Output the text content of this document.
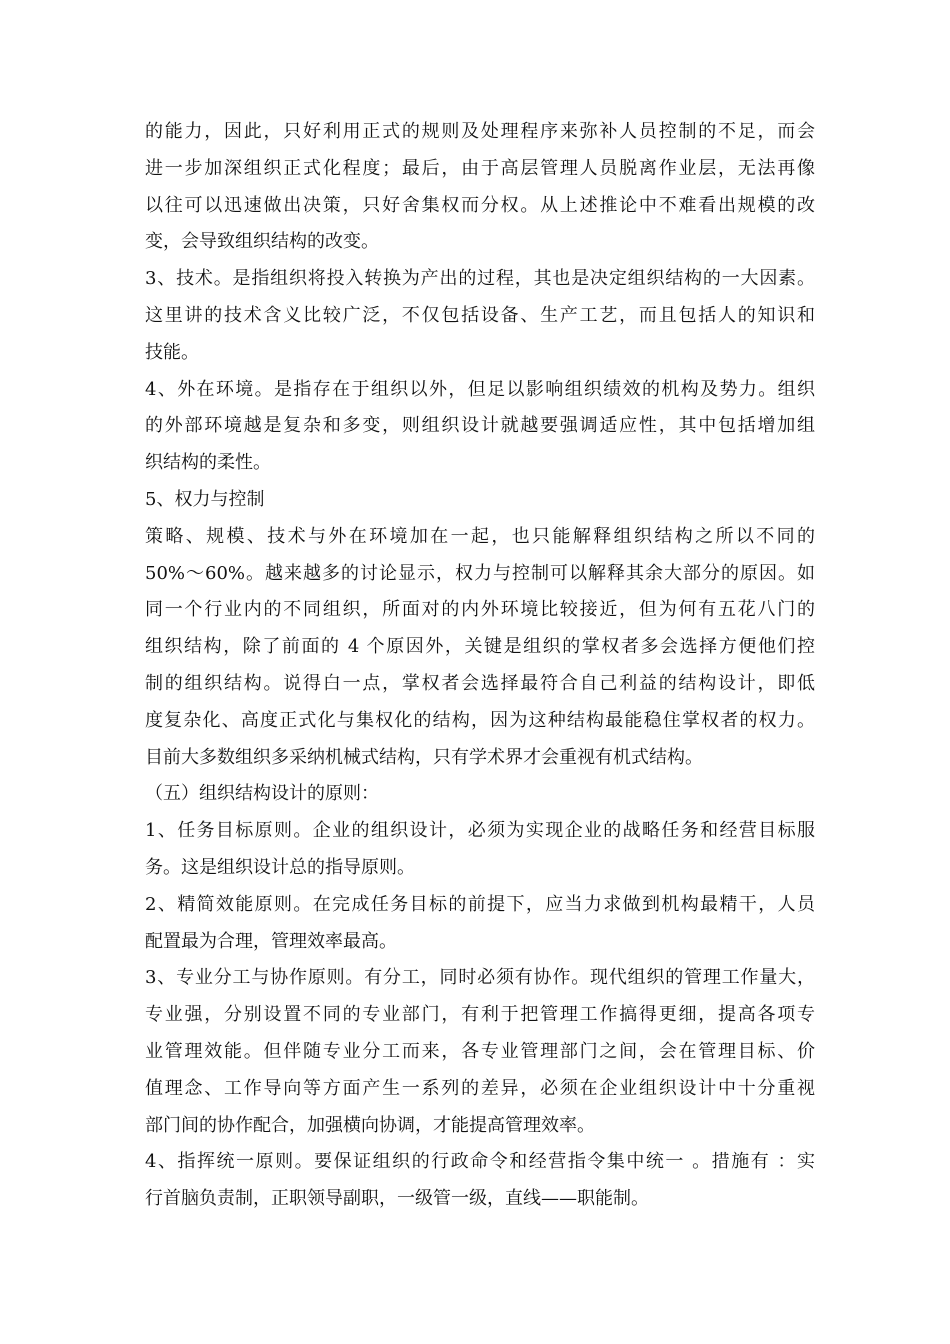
的能力，因此，只好利用正式的规则及处理程序来弥补人员控制的不足，而会
进一步加深组织正式化程度；最后，由于高层管理人员脱离作业层，无法再像
以往可以迅速做出决策，只好舍集权而分权。从上述推论中不难看出规模的改
变，会导致组织结构的改变。
3、技术。是指组织将投入转换为产出的过程，其也是决定组织结构的一大因素。
这里讲的技术含义比较广泛，不仅包括设备、生产工艺，而且包括人的知识和
技能。
4、外在环境。是指存在于组织以外，但足以影响组织绩效的机构及势力。组织
的外部环境越是复杂和多变，则组织设计就越要强调适应性，其中包括增加组
织结构的柔性。
5、权力与控制
策略、规模、技术与外在环境加在一起，也只能解释组织结构之所以不同的
50%～60%。越来越多的讨论显示，权力与控制可以解释其余大部分的原因。如
同一个行业内的不同组织，所面对的内外环境比较接近，但为何有五花八门的
组织结构，除了前面的 4 个原因外，关键是组织的掌权者多会选择方便他们控
制的组织结构。说得白一点，掌权者会选择最符合自己利益的结构设计，即低
度复杂化、高度正式化与集权化的结构，因为这种结构最能稳住掌权者的权力。
目前大多数组织多采纳机械式结构，只有学术界才会重视有机式结构。
（五）组织结构设计的原则：
1、任务目标原则。企业的组织设计，必须为实现企业的战略任务和经营目标服
务。这是组织设计总的指导原则。
2、精简效能原则。在完成任务目标的前提下，应当力求做到机构最精干，人员
配置最为合理，管理效率最高。
3、专业分工与协作原则。有分工，同时必须有协作。现代组织的管理工作量大，
专业强，分别设置不同的专业部门，有利于把管理工作搞得更细，提高各项专
业管理效能。但伴随专业分工而来，各专业管理部门之间，会在管理目标、价
值理念、工作导向等方面产生一系列的差异，必须在企业组织设计中十分重视
部门间的协作配合，加强横向协调，才能提高管理效率。
4、指挥统一原则。要保证组织的行政命令和经营指令集中统一 。措施有 ：实
行首脑负责制，正职领导副职，一级管一级，直线——职能制。
